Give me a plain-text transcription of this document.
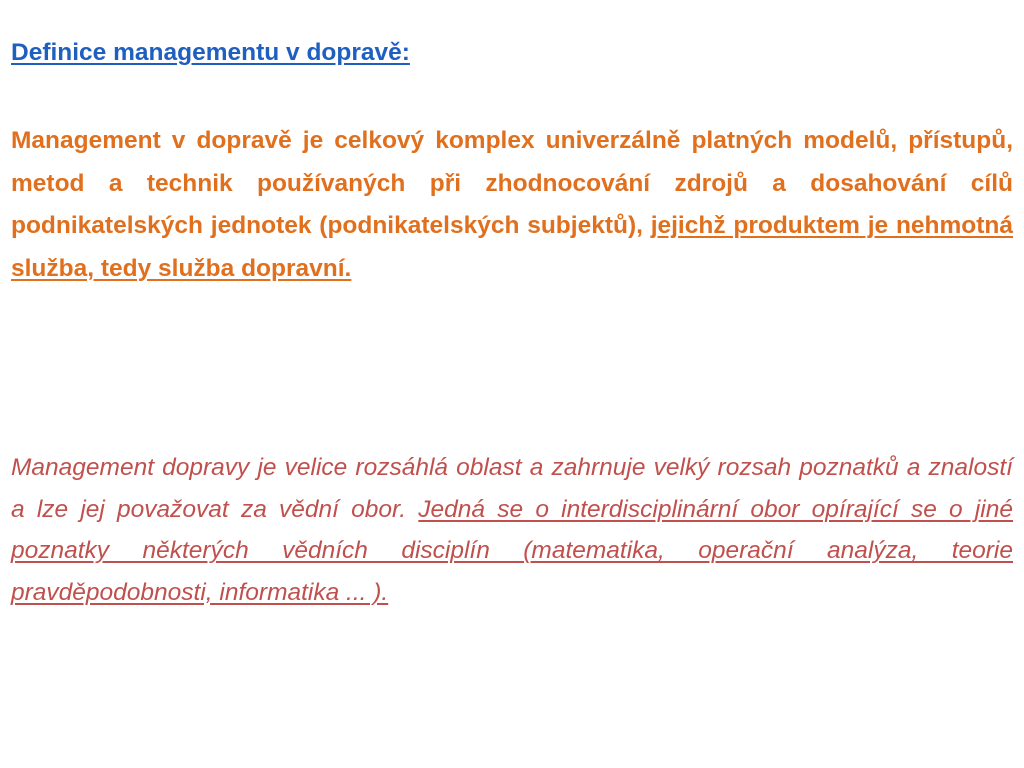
Definice managementu v dopravě:

Management v dopravě je celkový komplex univerzálně platných modelů, přístupů, metod a technik používaných při zhodnocování zdrojů a dosahování cílů podnikatelských jednotek (podnikatelských subjektů), jejichž produktem je nehmotná služba, tedy služba dopravní.

Management dopravy je velice rozsáhlá oblast a zahrnuje velký rozsah poznatků a znalostí a lze jej považovat za vědní obor. Jedná se o interdisciplinární obor opírající se o jiné poznatky některých vědních disciplín (matematika, operační analýza, teorie pravděpodobnosti, informatika ... ).
